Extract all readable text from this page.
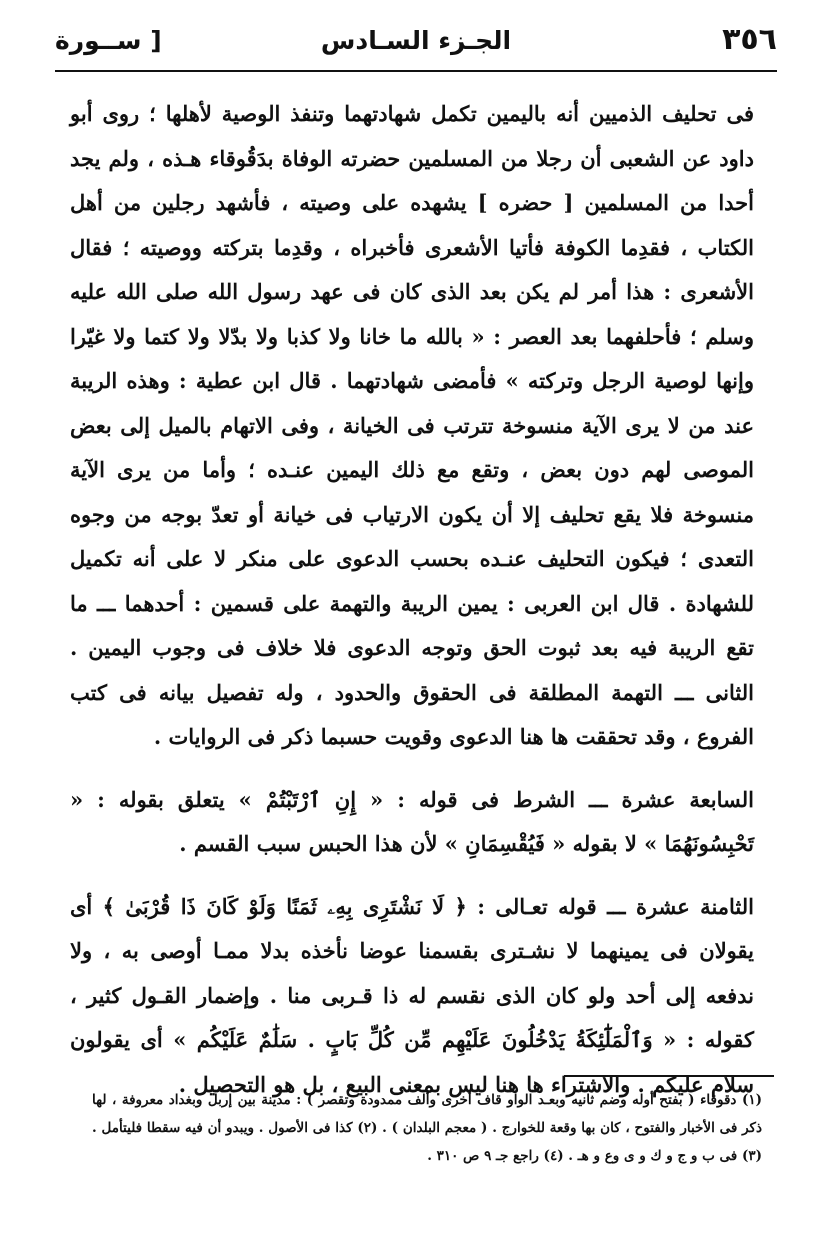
٣٥٦
الجـزء السـادس
[ ســورة

فى تحليف الذميين أنه باليمين تكمل شهادتهما وتنفذ الوصية لأهلها ؛ روى أبو داود عن الشعبى أن رجلا من المسلمين حضرته الوفاة بدَقُوقاء هـذه ، ولم يجد أحدا من المسلمين [ حضره ] يشهده على وصيته ، فأشهد رجلين من أهل الكتاب ، فقدِما الكوفة فأتيا الأشعرى فأخبراه ، وقدِما بتركته ووصيته ؛ فقال الأشعرى : هذا أمر لم يكن بعد الذى كان فى عهد رسول الله صلى الله عليه وسلم ؛ فأحلفهما بعد العصر : « بالله ما خانا ولا كذبا ولا بدّلا ولا كتما ولا غيّرا وإنها لوصية الرجل وتركته » فأمضى شهادتهما . قال ابن عطية : وهذه الريبة عند من لا يرى الآية منسوخة تترتب فى الخيانة ، وفى الاتهام بالميل إلى بعض الموصى لهم دون بعض ، وتقع مع ذلك اليمين عنـده ؛ وأما من يرى الآية منسوخة فلا يقع تحليف إلا أن يكون الارتياب فى خيانة أو تعدّ بوجه من وجوه التعدى ؛ فيكون التحليف عنـده بحسب الدعوى على منكر لا على أنه تكميل للشهادة . قال ابن العربى : يمين الريبة والتهمة على قسمين : أحدهما ـــ ما تقع الريبة فيه بعد ثبوت الحق وتوجه الدعوى فلا خلاف فى وجوب اليمين . الثانى ـــ التهمة المطلقة فى الحقوق والحدود ، وله تفصيل بيانه فى كتب الفروع ، وقد تحققت ها هنا الدعوى وقويت حسبما ذكر فى الروايات .

السابعة عشرة ـــ الشرط فى قوله : « إِنِ ٱرْتَبْتُمْ » يتعلق بقوله : « تَحْبِسُونَهُمَا » لا بقوله « فَيُقْسِمَانِ » لأن هذا الحبس سبب القسم .

الثامنة عشرة ـــ قوله تعـالى : ﴿ لَا نَشْتَرِى بِهِۦ ثَمَنًا وَلَوْ كَانَ ذَا قُرْبَىٰ ﴾ أى يقولان فى يمينهما لا نشـترى بقسمنا عوضا نأخذه بدلا ممـا أوصى به ، ولا ندفعه إلى أحد ولو كان الذى نقسم له ذا قـربى منا . وإضمار القـول كثير ، كقوله : « وَٱلْمَلَٰٓئِكَةُ يَدْخُلُونَ عَلَيْهِم مِّن كُلِّ بَابٍ . سَلَٰمٌ عَلَيْكُم » أى يقولون سلام عليكم . والاشتراء ها هنا ليس بمعنى البيع ، بل هو التحصيل .

(١) دقوقاء ( بفتح أوله وضم ثانيه وبعـد الواو قاف أخرى وألف ممدودة وتقصر ) : مدينة بين إربل وبغداد معروفة ، لها ذكر فى الأخبار والفتوح ، كان بها وقعة للخوارج . ( معجم البلدان ) . (٢) كذا فى الأصول . ويبدو أن فيه سقطا فليتأمل . (٣) فى ب و ج و ك و ى وع و هـ . (٤) راجع جـ ٩ ص ٣١٠ .
